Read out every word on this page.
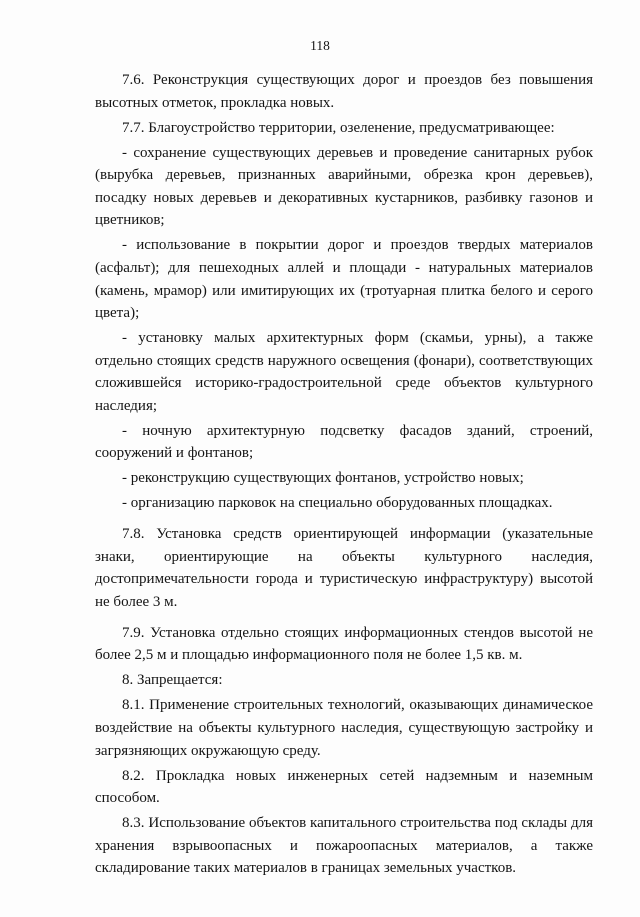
118

7.6. Реконструкция существующих дорог и проездов без повышения высотных отметок, прокладка новых.

7.7. Благоустройство территории, озеленение, предусматривающее:

- сохранение существующих деревьев и проведение санитарных рубок (вырубка деревьев, признанных аварийными, обрезка крон деревьев), посадку новых деревьев и декоративных кустарников, разбивку газонов и цветников;

- использование в покрытии дорог и проездов твердых материалов (асфальт); для пешеходных аллей и площади - натуральных материалов (камень, мрамор) или имитирующих их (тротуарная плитка белого и серого цвета);

- установку малых архитектурных форм (скамьи, урны), а также отдельно стоящих средств наружного освещения (фонари), соответствующих сложившейся историко-градостроительной среде объектов культурного наследия;

- ночную архитектурную подсветку фасадов зданий, строений, сооружений и фонтанов;

- реконструкцию существующих фонтанов, устройство новых;

- организацию парковок на специально оборудованных площадках.

7.8. Установка средств ориентирующей информации (указательные знаки, ориентирующие на объекты культурного наследия, достопримечательности города и туристическую инфраструктуру) высотой не более 3 м.

7.9. Установка отдельно стоящих информационных стендов высотой не более 2,5 м и площадью информационного поля не более 1,5 кв. м.

8. Запрещается:

8.1. Применение строительных технологий, оказывающих динамическое воздействие на объекты культурного наследия, существующую застройку и загрязняющих окружающую среду.

8.2. Прокладка новых инженерных сетей надземным и наземным способом.

8.3. Использование объектов капитального строительства под склады для хранения взрывоопасных и пожароопасных материалов, а также складирование таких материалов в границах земельных участков.
